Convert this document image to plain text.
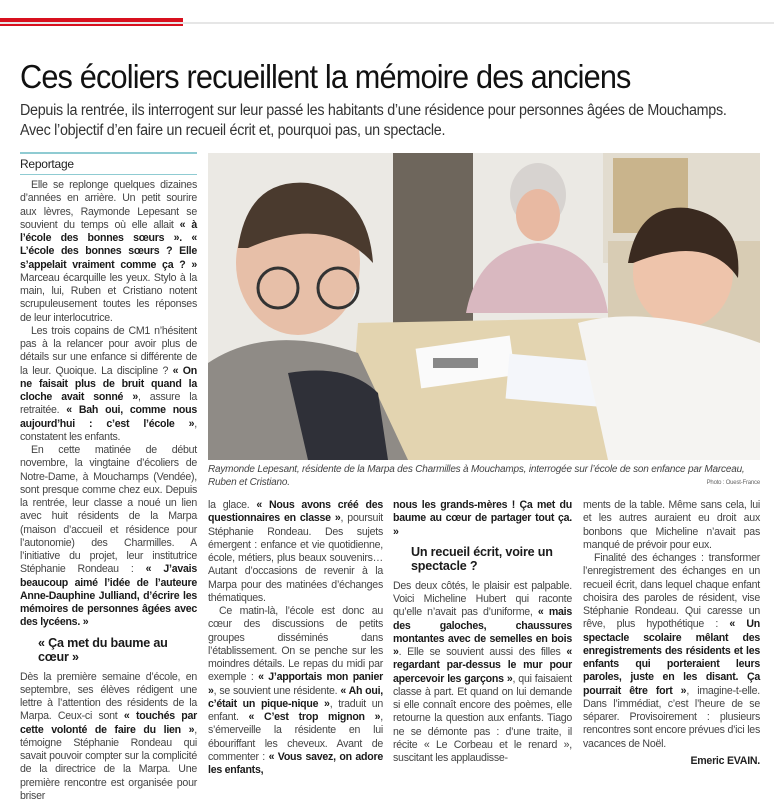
Ces écoliers recueillent la mémoire des anciens
Depuis la rentrée, ils interrogent sur leur passé les habitants d’une résidence pour personnes âgées de Mouchamps. Avec l’objectif d’en faire un recueil écrit et, pourquoi pas, un spectacle.
Reportage

Elle se replonge quelques dizaines d’années en arrière. Un petit sourire aux lèvres, Raymonde Lepesant se souvient du temps où elle allait « à l’école des bonnes sœurs ». « L’école des bonnes sœurs ? Elle s’appelait vraiment comme ça ? » Marceau écarquille les yeux. Stylo à la main, lui, Ruben et Cristiano notent scrupuleusement toutes les réponses de leur interlocutrice.

Les trois copains de CM1 n’hésitent pas à la relancer pour avoir plus de détails sur une enfance si différente de la leur. Quoique. La discipline ? « On ne faisait plus de bruit quand la cloche avait sonné », assure la retraitée. « Bah oui, comme nous aujourd’hui : c’est l’école », constatent les enfants.

En cette matinée de début novembre, la vingtaine d’écoliers de Notre-Dame, à Mouchamps (Vendée), sont presque comme chez eux. Depuis la rentrée, leur classe a noué un lien avec huit résidents de la Marpa (maison d’accueil et résidence pour l’autonomie) des Charmilles. A l’initiative du projet, leur institutrice Stéphanie Rondeau : « J’avais beaucoup aimé l’idée de l’auteure Anne-Dauphine Julliand, d’écrire les mémoires de personnes âgées avec des lycéens. »

« Ça met du baume au cœur »

Dès la première semaine d’école, en septembre, ses élèves rédigent une lettre à l’attention des résidents de la Marpa. Ceux-ci sont « touchés par cette volonté de faire du lien », témoigne Stéphanie Rondeau qui savait pouvoir compter sur la complicité de la directrice de la Marpa. Une première rencontre est organisée pour briser

Raymonde Lepesant, résidente de la Marpa des Charmilles à Mouchamps, interrogée sur l’école de son enfance par Marceau, Ruben et Cristiano.	Photo : Ouest-France

la glace. « Nous avons créé des questionnaires en classe », poursuit Stéphanie Rondeau. Des sujets émergent : enfance et vie quotidienne, école, métiers, plus beaux souvenirs… Autant d’occasions de revenir à la Marpa pour des matinées d’échanges thématiques.

Ce matin-là, l’école est donc au cœur des discussions de petits groupes disséminés dans l’établissement. On se penche sur les moindres détails. Le repas du midi par exemple : « J’apportais mon panier », se souvient une résidente. « Ah oui, c’était un pique-nique », traduit un enfant. « C’est trop mignon », s’émerveille la résidente en lui ébouriffant les cheveux. Avant de commenter : « Vous savez, on adore les enfants,

nous les grands-mères ! Ça met du baume au cœur de partager tout ça. »

Un recueil écrit, voire un spectacle ?

Des deux côtés, le plaisir est palpable. Voici Micheline Hubert qui raconte qu’elle n’avait pas d’uniforme, « mais des galoches, chaussures montantes avec de semelles en bois ». Elle se souvient aussi des filles « regardant par-dessus le mur pour apercevoir les garçons », qui faisaient classe à part. Et quand on lui demande si elle connaît encore des poèmes, elle retourne la question aux enfants. Tiago ne se démonte pas : d’une traite, il récite « Le Corbeau et le renard », suscitant les applaudisse-

ments de la table. Même sans cela, lui et les autres auraient eu droit aux bonbons que Micheline n’avait pas manqué de prévoir pour eux.

Finalité des échanges : transformer l’enregistrement des échanges en un recueil écrit, dans lequel chaque enfant choisira des paroles de résident, vise Stéphanie Rondeau. Qui caresse un rêve, plus hypothétique : « Un spectacle scolaire mêlant des enregistrements des résidents et les enfants qui porteraient leurs paroles, juste en les disant. Ça pourrait être fort », imagine-t-elle. Dans l’immédiat, c’est l’heure de se séparer. Provisoirement : plusieurs rencontres sont encore prévues d’ici les vacances de Noël.

Emeric EVAIN.
